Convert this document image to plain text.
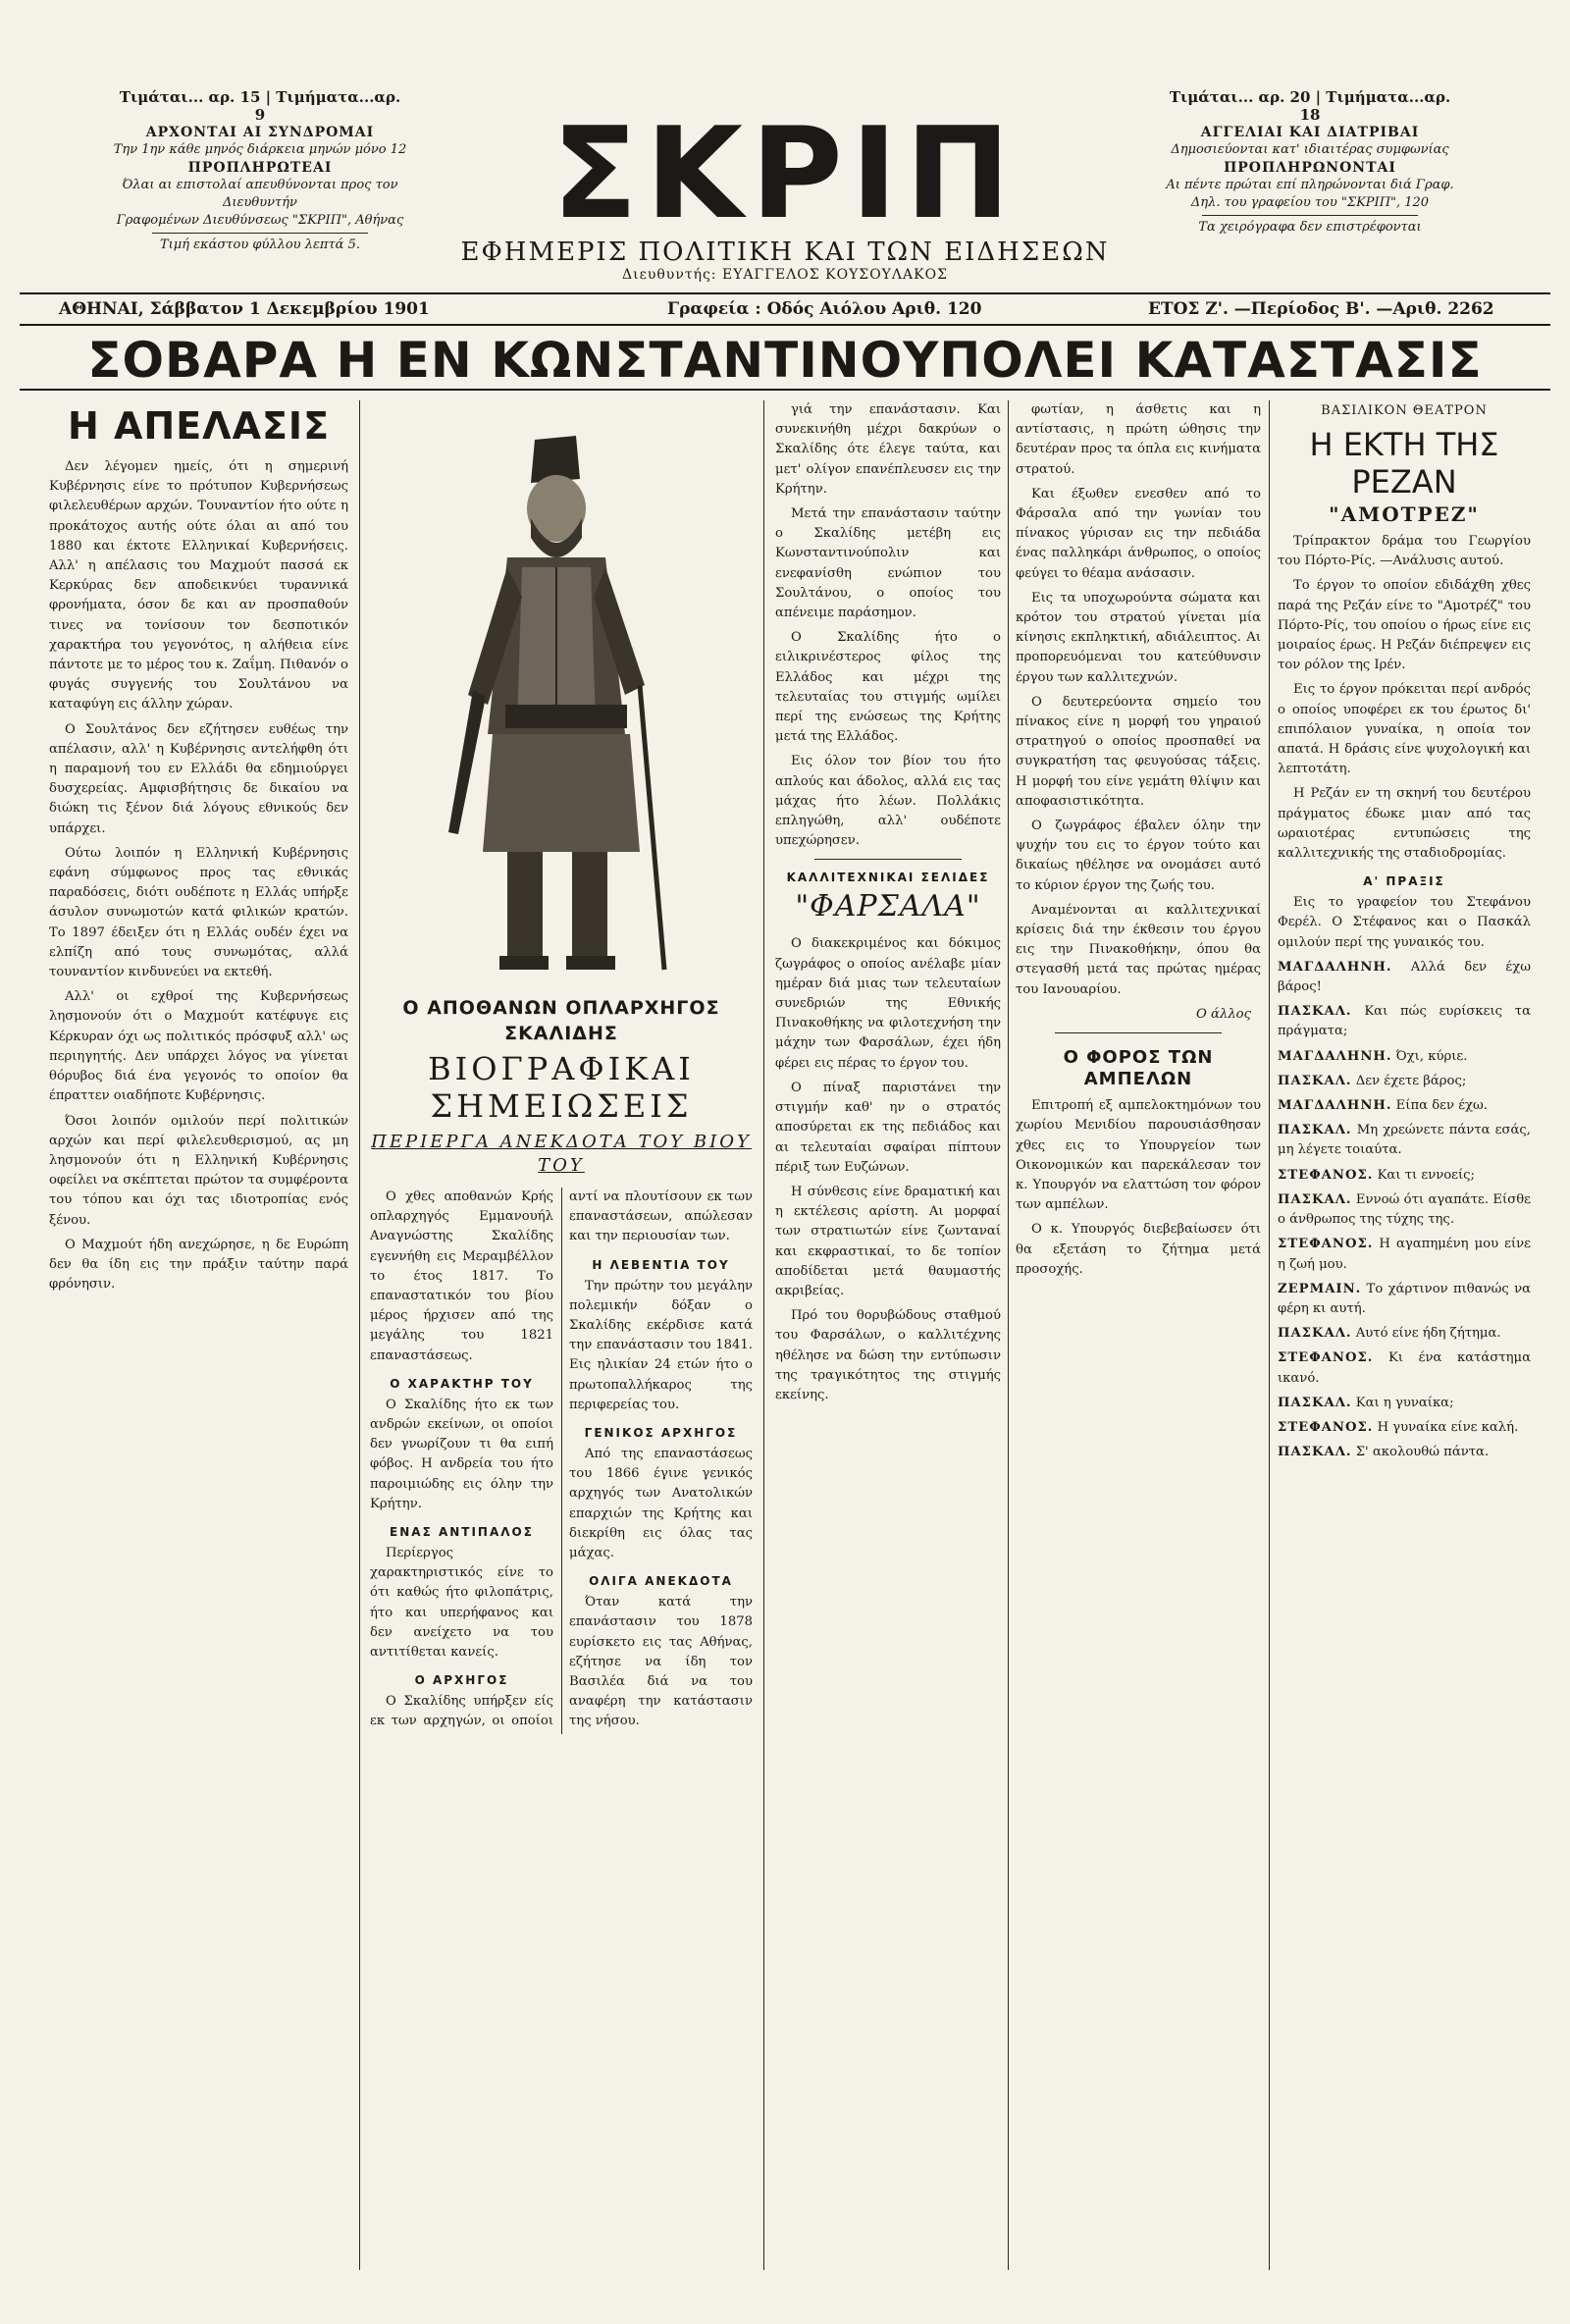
Τιμάται... αρ. 15 | Τιμήματα...αρ. 9
ΑΡΧΟΝΤΑΙ ΑΙ ΣΥΝΔΡΟΜΑΙ
Την 1ην κάθε μηνός διάρκεια μηνών μόνο 12
ΠΡΟΠΛΗΡΩΤΕΑΙ
Όλαι αι επιστολαί απευθύνονται προς τον Διευθυντήν
Γραφομένων Διευθύνσεως "ΣΚΡΙΠ", Αθήνας
Τιμή εκάστου φύλλου λεπτά 5.	ΣΚΡΙΠ
ΕΦΗΜΕΡΙΣ ΠΟΛΙΤΙΚΗ ΚΑΙ ΤΩΝ ΕΙΔΗΣΕΩΝ
Διευθυντής: ΕΥΑΓΓΕΛΟΣ ΚΟΥΣΟΥΛΑΚΟΣ
Τιμάται... αρ. 20 | Τιμήματα...αρ. 18
ΑΓΓΕΛΙΑΙ ΚΑΙ ΔΙΑΤΡΙΒΑΙ
Δημοσιεύονται κατ' ιδιαιτέρας συμφωνίας
ΠΡΟΠΛΗΡΩΝΟΝΤΑΙ
Αι πέντε πρώται επί πληρώνονται διά Γραφ.
Δηλ. του γραφείου του "ΣΚΡΙΠ", 120
Τα χειρόγραφα δεν επιστρέφονται
ΑΘΗΝΑΙ, Σάββατον 1 Δεκεμβρίου 1901	Γραφεία : Οδός Αιόλου Αριθ. 120	ΕΤΟΣ Ζ'. —Περίοδος Β'. —Αριθ. 2262
ΣΟΒΑΡΑ Η ΕΝ ΚΩΝΣΤΑΝΤΙΝΟΥΠΟΛΕΙ ΚΑΤΑΣΤΑΣΙΣ
Η ΑΠΕΛΑΣΙΣ

Δεν λέγομεν ημείς, ότι η σημερινή Κυβέρνησις είνε το πρότυπον Κυβερνήσεως φιλελευθέρων αρχών. Τουναντίον ήτο ούτε η προκάτοχος αυτής ούτε όλαι αι από του 1880 και έκτοτε Ελληνικαί Κυβερνήσεις. Αλλ' η απέλασις του Μαχμούτ πασσά εκ Κερκύρας δεν αποδεικνύει τυραννικά φρονήματα, όσον δε και αν προσπαθούν τινες να τονίσουν τον δεσποτικόν χαρακτήρα του γεγονότος, η αλήθεια είνε πάντοτε με το μέρος του κ. Ζαΐμη. Πιθανόν ο φυγάς συγγενής του Σουλτάνου να καταφύγη εις άλλην χώραν.

Ο Σουλτάνος δεν εζήτησεν ευθέως την απέλασιν, αλλ' η Κυβέρνησις αντελήφθη ότι η παραμονή του εν Ελλάδι θα εδημιούργει δυσχερείας. Αμφισβήτησις δε δικαίου να διώκη τις ξένον διά λόγους εθνικούς δεν υπάρχει.

Ούτω λοιπόν η Ελληνική Κυβέρνησις εφάνη σύμφωνος προς τας εθνικάς παραδόσεις, διότι ουδέποτε η Ελλάς υπήρξε άσυλον συνωμοτών κατά φιλικών κρατών. Το 1897 έδειξεν ότι η Ελλάς ουδέν έχει να ελπίζη από τους συνωμότας, αλλά τουναντίον κινδυνεύει να εκτεθή.

Αλλ' οι εχθροί της Κυβερνήσεως λησμονούν ότι ο Μαχμούτ κατέφυγε εις Κέρκυραν όχι ως πολιτικός πρόσφυξ αλλ' ως περιηγητής. Δεν υπάρχει λόγος να γίνεται θόρυβος διά ένα γεγονός το οποίον θα έπραττεν οιαδήποτε Κυβέρνησις.

Όσοι λοιπόν ομιλούν περί πολιτικών αρχών και περί φιλελευθερισμού, ας μη λησμονούν ότι η Ελληνική Κυβέρνησις οφείλει να σκέπτεται πρώτον τα συμφέροντα του τόπου και όχι τας ιδιοτροπίας ενός ξένου.

Ο Μαχμούτ ήδη ανεχώρησε, η δε Ευρώπη δεν θα ίδη εις την πράξιν ταύτην παρά φρόνησιν.

Ο ΑΠΟΘΑΝΩΝ ΟΠΛΑΡΧΗΓΟΣ ΣΚΑΛΙΔΗΣ
ΒΙΟΓΡΑΦΙΚΑΙ ΣΗΜΕΙΩΣΕΙΣ
ΠΕΡΙΕΡΓΑ ΑΝΕΚΔΟΤΑ ΤΟΥ ΒΙΟΥ ΤΟΥ

Ο χθες αποθανών Κρής οπλαρχηγός Εμμανουήλ Αναγνώστης Σκαλίδης εγεννήθη εις Μεραμβέλλον το έτος 1817. Το επαναστατικόν του βίου μέρος ήρχισεν από της μεγάλης του 1821 επαναστάσεως.

Ο ΧΑΡΑΚΤΗΡ ΤΟΥ

Ο Σκαλίδης ήτο εκ των ανδρών εκείνων, οι οποίοι δεν γνωρίζουν τι θα ειπή φόβος. Η ανδρεία του ήτο παροιμιώδης εις όλην την Κρήτην.

ΕΝΑΣ ΑΝΤΙΠΑΛΟΣ

Περίεργος χαρακτηριστικός είνε το ότι καθώς ήτο φιλοπάτρις, ήτο και υπερήφανος και δεν ανείχετο να του αντιτίθεται κανείς.

Ο ΑΡΧΗΓΟΣ

Ο Σκαλίδης υπήρξεν είς εκ των αρχηγών, οι οποίοι αντί να πλουτίσουν εκ των επαναστάσεων, απώλεσαν και την περιουσίαν των.

Η ΛΕΒΕΝΤΙΑ ΤΟΥ

Την πρώτην του μεγάλην πολεμικήν δόξαν ο Σκαλίδης εκέρδισε κατά την επανάστασιν του 1841. Εις ηλικίαν 24 ετών ήτο ο πρωτοπαλλήκαρος της περιφερείας του.

ΓΕΝΙΚΟΣ ΑΡΧΗΓΟΣ

Από της επαναστάσεως του 1866 έγινε γενικός αρχηγός των Ανατολικών επαρχιών της Κρήτης και διεκρίθη εις όλας τας μάχας.

ΟΛΙΓΑ ΑΝΕΚΔΟΤΑ

Όταν κατά την επανάστασιν του 1878 ευρίσκετο εις τας Αθήνας, εζήτησε να ίδη τον Βασιλέα διά να του αναφέρη την κατάστασιν της νήσου.

γιά την επανάστασιν. Και συνεκινήθη μέχρι δακρύων ο Σκαλίδης ότε έλεγε ταύτα, και μετ' ολίγον επανέπλευσεν εις την Κρήτην.

Μετά την επανάστασιν ταύτην ο Σκαλίδης μετέβη εις Κωνσταντινούπολιν και ενεφανίσθη ενώπιον του Σουλτάνου, ο οποίος του απένειμε παράσημον.

Ο Σκαλίδης ήτο ο ειλικρινέστερος φίλος της Ελλάδος και μέχρι της τελευταίας του στιγμής ωμίλει περί της ενώσεως της Κρήτης μετά της Ελλάδος.

Εις όλον τον βίον του ήτο απλούς και άδολος, αλλά εις τας μάχας ήτο λέων. Πολλάκις επληγώθη, αλλ' ουδέποτε υπεχώρησεν.

ΚΑΛΛΙΤΕΧΝΙΚΑΙ ΣΕΛΙΔΕΣ
"ΦΑΡΣΑΛΑ"

Ο διακεκριμένος και δόκιμος ζωγράφος ο οποίος ανέλαβε μίαν ημέραν διά μιας των τελευταίων συνεδριών της Εθνικής Πινακοθήκης να φιλοτεχνήση την μάχην των Φαρσάλων, έχει ήδη φέρει εις πέρας το έργον του.

Ο πίναξ παριστάνει την στιγμήν καθ' ην ο στρατός αποσύρεται εκ της πεδιάδος και αι τελευταίαι σφαίραι πίπτουν πέριξ των Ευζώνων.

Η σύνθεσις είνε δραματική και η εκτέλεσις αρίστη. Αι μορφαί των στρατιωτών είνε ζωνταναί και εκφραστικαί, το δε τοπίον αποδίδεται μετά θαυμαστής ακριβείας.

Πρό του θορυβώδους σταθμού του Φαρσάλων, ο καλλιτέχνης ηθέλησε να δώση την εντύπωσιν της τραγικότητος της στιγμής εκείνης.

φωτίαν, η άσθετις και η αντίστασις, η πρώτη ώθησις την δευτέραν προς τα όπλα εις κινήματα στρατού.

Και έξωθεν ενεσθεν από το Φάρσαλα από την γωνίαν του πίνακος γύρισαν εις την πεδιάδα ένας παλληκάρι άνθρωπος, ο οποίος φεύγει το θέαμα ανάσασιν.

Εις τα υποχωρούντα σώματα και κρότον του στρατού γίνεται μία κίνησις εκπληκτική, αδιάλειπτος. Αι προπορευόμεναι του κατεύθυνσιν έργου των καλλιτεχνών.

Ο δευτερεύοντα σημείο του πίνακος είνε η μορφή του γηραιού στρατηγού ο οποίος προσπαθεί να συγκρατήση τας φευγούσας τάξεις. Η μορφή του είνε γεμάτη θλίψιν και αποφασιστικότητα.

Ο ζωγράφος έβαλεν όλην την ψυχήν του εις το έργον τούτο και δικαίως ηθέλησε να ονομάσει αυτό το κύριον έργον της ζωής του.

Αναμένονται αι καλλιτεχνικαί κρίσεις διά την έκθεσιν του έργου εις την Πινακοθήκην, όπου θα στεγασθή μετά τας πρώτας ημέρας του Ιανουαρίου.

Ο άλλος
Ο ΦΟΡΟΣ ΤΩΝ ΑΜΠΕΛΩΝ

Επιτροπή εξ αμπελοκτημόνων του χωρίου Μενιδίου παρουσιάσθησαν χθες εις το Υπουργείον των Οικονομικών και παρεκάλεσαν τον κ. Υπουργόν να ελαττώση τον φόρον των αμπέλων.

Ο κ. Υπουργός διεβεβαίωσεν ότι θα εξετάση το ζήτημα μετά προσοχής.

ΒΑΣΙΛΙΚΟΝ ΘΕΑΤΡΟΝ
Η ΕΚΤΗ ΤΗΣ ΡΕΖΑΝ
"ΑΜΟΤΡΕΖ"

Τρίπρακτον δράμα του Γεωργίου του Πόρτο-Ρίς. —Ανάλυσις αυτού.

Το έργον το οποίον εδιδάχθη χθες παρά της Ρεζάν είνε το "Αμοτρέζ" του Πόρτο-Ρίς, του οποίου ο ήρως είνε εις μοιραίος έρως. Η Ρεζάν διέπρεψεν εις τον ρόλον της Ιρέν.

Εις το έργον πρόκειται περί ανδρός ο οποίος υποφέρει εκ του έρωτος δι' επιπόλαιον γυναίκα, η οποία τον απατά. Η δράσις είνε ψυχολογική και λεπτοτάτη.

Η Ρεζάν εν τη σκηνή του δευτέρου πράγματος έδωκε μιαν από τας ωραιοτέρας εντυπώσεις της καλλιτεχνικής της σταδιοδρομίας.

Α' ΠΡΑΞΙΣ

Εις το γραφείον του Στεφάνου Φερέλ. Ο Στέφανος και ο Πασκάλ ομιλούν περί της γυναικός του.

ΜΑΓΔΑΛΗΝΗ. Αλλά δεν έχω βάρος!

ΠΑΣΚΑΛ. Και πώς ευρίσκεις τα πράγματα;

ΜΑΓΔΑΛΗΝΗ. Όχι, κύριε.

ΠΑΣΚΑΛ. Δεν έχετε βάρος;

ΜΑΓΔΑΛΗΝΗ. Είπα δεν έχω.

ΠΑΣΚΑΛ. Μη χρεώνετε πάντα εσάς, μη λέγετε τοιαύτα.

ΣΤΕΦΑΝΟΣ. Και τι εννοείς;

ΠΑΣΚΑΛ. Εννοώ ότι αγαπάτε. Είσθε ο άνθρωπος της τύχης της.

ΣΤΕΦΑΝΟΣ. Η αγαπημένη μου είνε η ζωή μου.

ΖΕΡΜΑΙΝ. Το χάρτινον πιθανώς να φέρη κι αυτή.

ΠΑΣΚΑΛ. Αυτό είνε ήδη ζήτημα.

ΣΤΕΦΑΝΟΣ. Κι ένα κατάστημα ικανό.

ΠΑΣΚΑΛ. Και η γυναίκα;

ΣΤΕΦΑΝΟΣ. Η γυναίκα είνε καλή.

ΠΑΣΚΑΛ. Σ' ακολουθώ πάντα.
